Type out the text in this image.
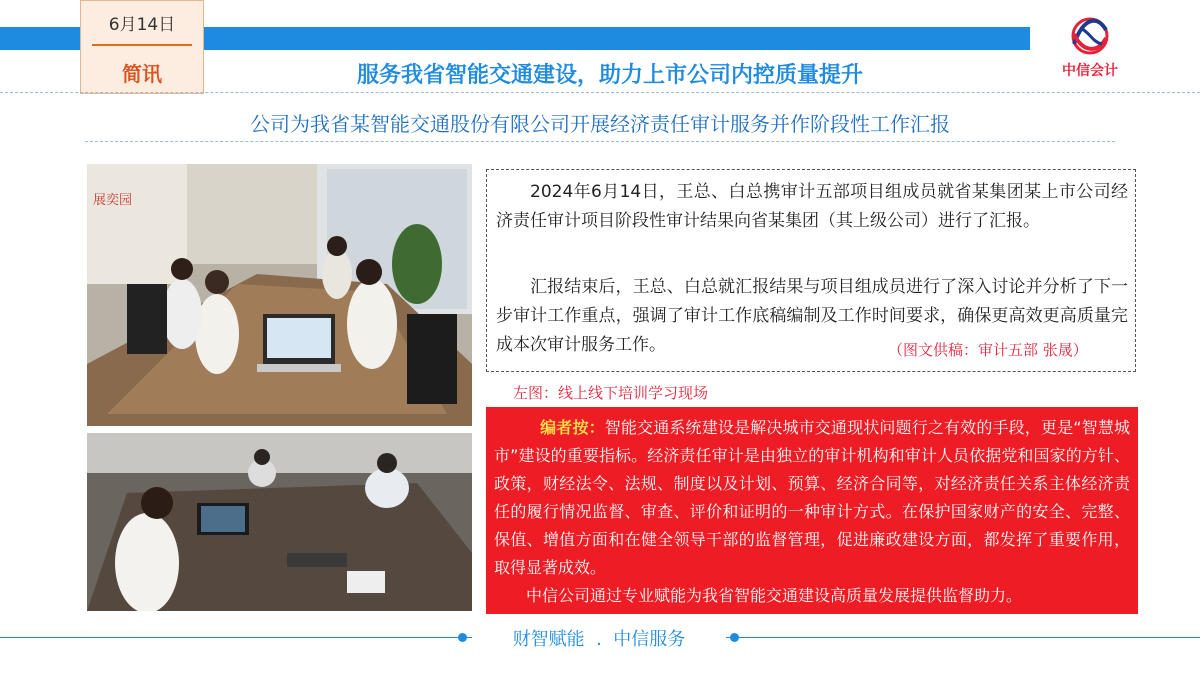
6月14日
简讯	服务我省智能交通建设，助力上市公司内控质量提升	中信会计
公司为我省某智能交通股份有限公司开展经济责任审计服务并作阶段性工作汇报
展奕园	2024年6月14日，王总、白总携审计五部项目组成员就省某集团某上市公司经济责任审计项目阶段性审计结果向省某集团（其上级公司）进行了汇报。

汇报结束后，王总、白总就汇报结果与项目组成员进行了深入讨论并分析了下一步审计工作重点，强调了审计工作底稿编制及工作时间要求，确保更高效更高质量完成本次审计服务工作。	（图文供稿：审计五部 张晟）
左图：线上线下培训学习现场

编者按：智能交通系统建设是解决城市交通现状问题行之有效的手段，更是“智慧城市”建设的重要指标。经济责任审计是由独立的审计机构和审计人员依据党和国家的方针、政策，财经法令、法规、制度以及计划、预算、经济合同等，对经济责任关系主体经济责任的履行情况监督、审查、评价和证明的一种审计方式。在保护国家财产的安全、完整、保值、增值方面和在健全领导干部的监督管理，促进廉政建设方面，都发挥了重要作用，取得显著成效。

中信公司通过专业赋能为我省智能交通建设高质量发展提供监督助力。

财智赋能  .  中信服务
